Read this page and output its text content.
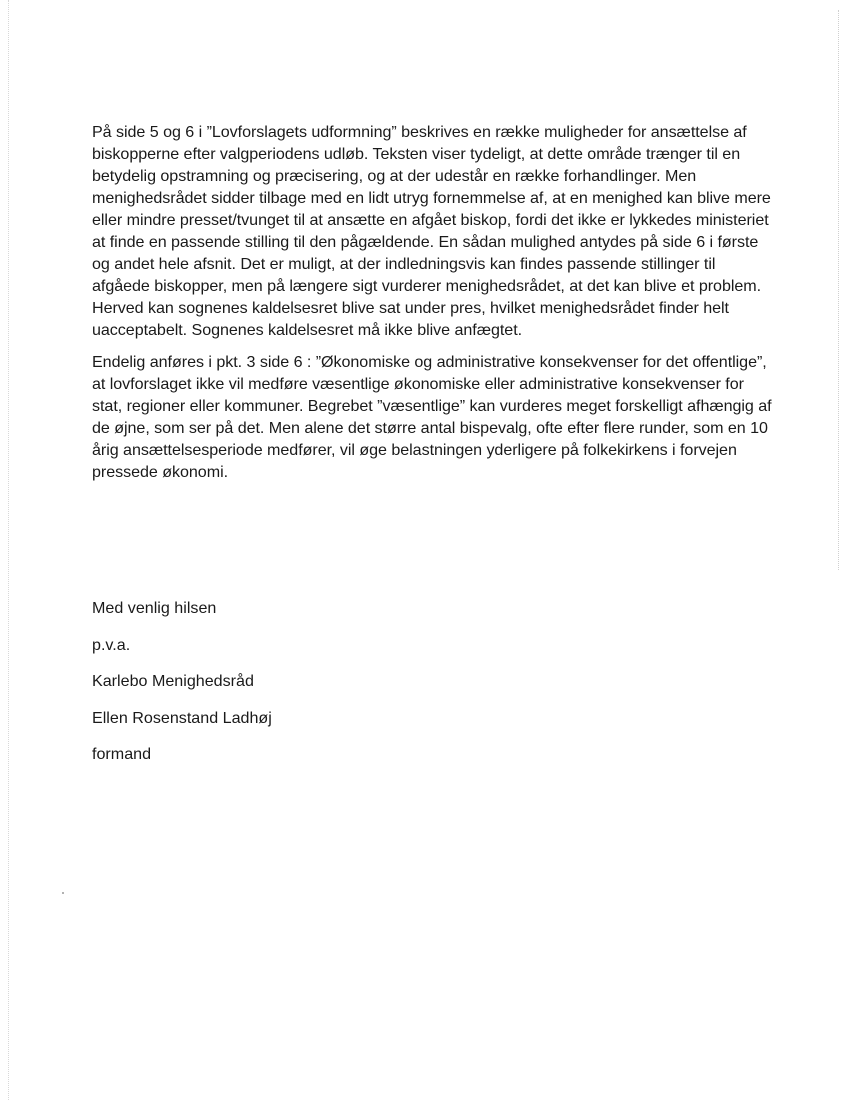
På side 5 og 6 i ”Lovforslagets udformning” beskrives en række muligheder for ansættelse af biskopperne efter valgperiodens udløb. Teksten viser tydeligt, at dette område trænger til en betydelig opstramning og præcisering, og at der udestår en række forhandlinger. Men menighedsrådet sidder tilbage med en lidt utryg fornemmelse af, at en menighed kan blive mere eller mindre presset/tvunget til at ansætte en afgået biskop, fordi det ikke er lykkedes ministeriet at finde en passende stilling til den pågældende. En sådan mulighed antydes på side 6 i første og andet hele afsnit. Det er muligt, at der indledningsvis kan findes passende stillinger til afgåede biskopper, men på længere sigt vurderer menighedsrådet, at det kan blive et problem. Herved kan sognenes kaldelsesret blive sat under pres, hvilket menighedsrådet finder helt uacceptabelt. Sognenes kaldelsesret må ikke blive anfægtet.

Endelig anføres i pkt. 3 side 6 : ”Økonomiske og administrative konsekvenser for det offentlige”, at lovforslaget ikke vil medføre væsentlige økonomiske eller administrative konsekvenser for stat, regioner eller kommuner. Begrebet ”væsentlige” kan vurderes meget forskelligt afhængig af de øjne, som ser på det. Men alene det større antal bispevalg, ofte efter flere runder, som en 10 årig ansættelsesperiode medfører, vil øge belastningen yderligere på folkekirkens i forvejen pressede økonomi.

Med venlig hilsen
p.v.a.
Karlebo Menighedsråd
Ellen Rosenstand Ladhøj
formand
